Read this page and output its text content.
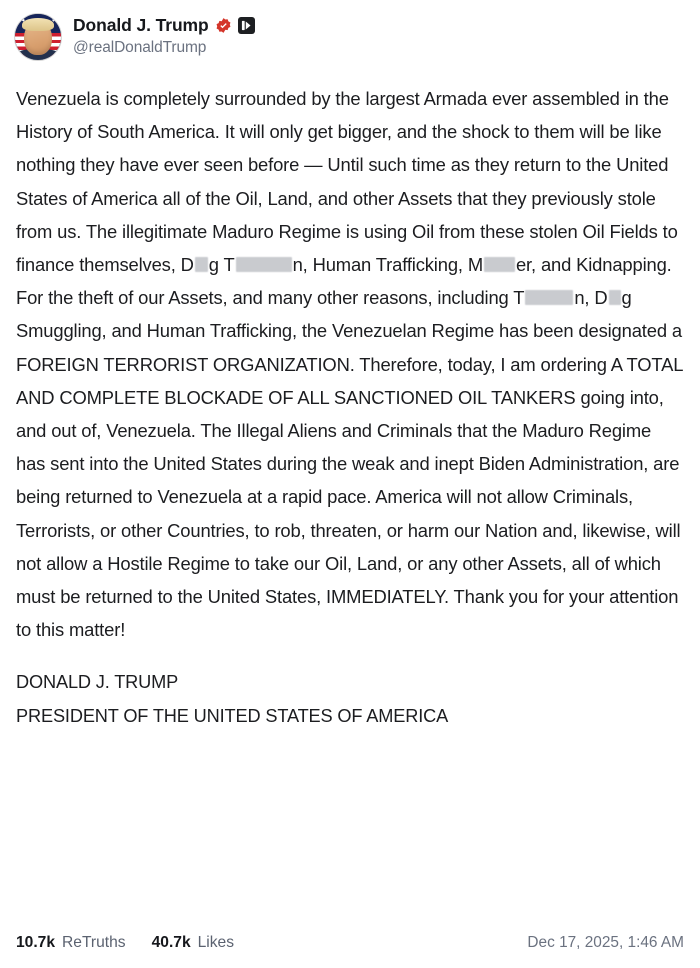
Donald J. Trump
@realDonaldTrump

Venezuela is completely surrounded by the largest Armada ever assembled in the History of South America. It will only get bigger, and the shock to them will be like nothing they have ever seen before — Until such time as they return to the United States of America all of the Oil, Land, and other Assets that they previously stole from us. The illegitimate Maduro Regime is using Oil from these stolen Oil Fields to finance themselves, D g T	n, Human Trafficking, M er, and Kidnapping. For the theft of our Assets, and many other reasons, including T	n, D g Smuggling, and Human Trafficking, the Venezuelan Regime has been designated a FOREIGN TERRORIST ORGANIZATION. Therefore, today, I am ordering A TOTAL AND COMPLETE BLOCKADE OF ALL SANCTIONED OIL TANKERS going into, and out of, Venezuela. The Illegal Aliens and Criminals that the Maduro Regime has sent into the United States during the weak and inept Biden Administration, are being returned to Venezuela at a rapid pace. America will not allow Criminals, Terrorists, or other Countries, to rob, threaten, or harm our Nation and, likewise, will not allow a Hostile Regime to take our Oil, Land, or any other Assets, all of which must be returned to the United States, IMMEDIATELY. Thank you for your attention to this matter!

DONALD J. TRUMP
PRESIDENT OF THE UNITED STATES OF AMERICA

10.7k ReTruths 40.7k Likes	Dec 17, 2025, 1:46 AM
